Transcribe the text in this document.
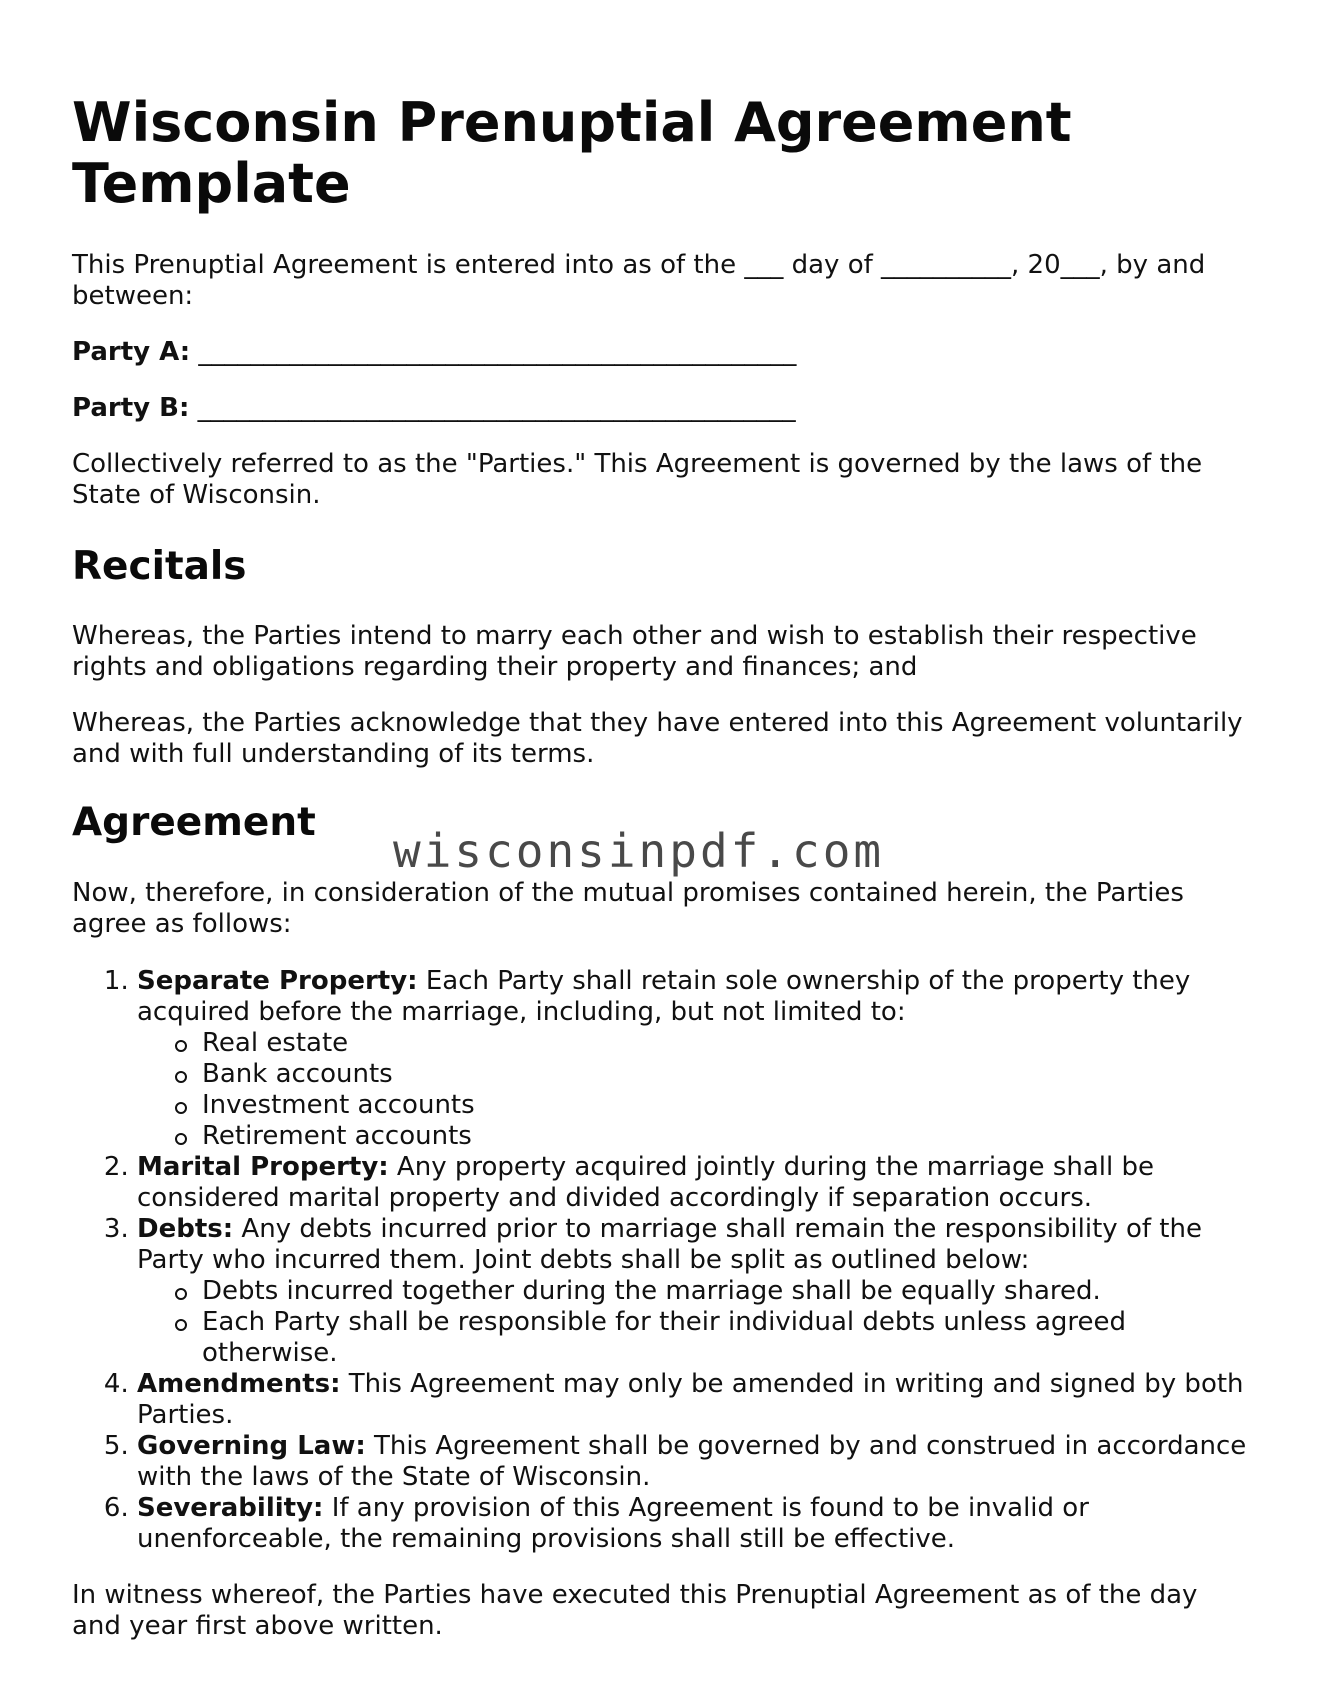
Wisconsin Prenuptial Agreement Template

This Prenuptial Agreement is entered into as of the ___ day of __________, 20___, by and between:

Party A: ______________________________________________

Party B: ______________________________________________

Collectively referred to as the "Parties." This Agreement is governed by the laws of the State of Wisconsin.

Recitals

Whereas, the Parties intend to marry each other and wish to establish their respective rights and obligations regarding their property and finances; and

Whereas, the Parties acknowledge that they have entered into this Agreement voluntarily and with full understanding of its terms.

Agreement

Now, therefore, in consideration of the mutual promises contained herein, the Parties agree as follows:

1. Separate Property: Each Party shall retain sole ownership of the property they acquired before the marriage, including, but not limited to:
Real estate
Bank accounts
Investment accounts
Retirement accounts
2. Marital Property: Any property acquired jointly during the marriage shall be considered marital property and divided accordingly if separation occurs.
3. Debts: Any debts incurred prior to marriage shall remain the responsibility of the Party who incurred them. Joint debts shall be split as outlined below:
Debts incurred together during the marriage shall be equally shared.
Each Party shall be responsible for their individual debts unless agreed otherwise.
4. Amendments: This Agreement may only be amended in writing and signed by both Parties.
5. Governing Law: This Agreement shall be governed by and construed in accordance with the laws of the State of Wisconsin.
6. Severability: If any provision of this Agreement is found to be invalid or unenforceable, the remaining provisions shall still be effective.

In witness whereof, the Parties have executed this Prenuptial Agreement as of the day and year first above written.

wisconsinpdf.com
